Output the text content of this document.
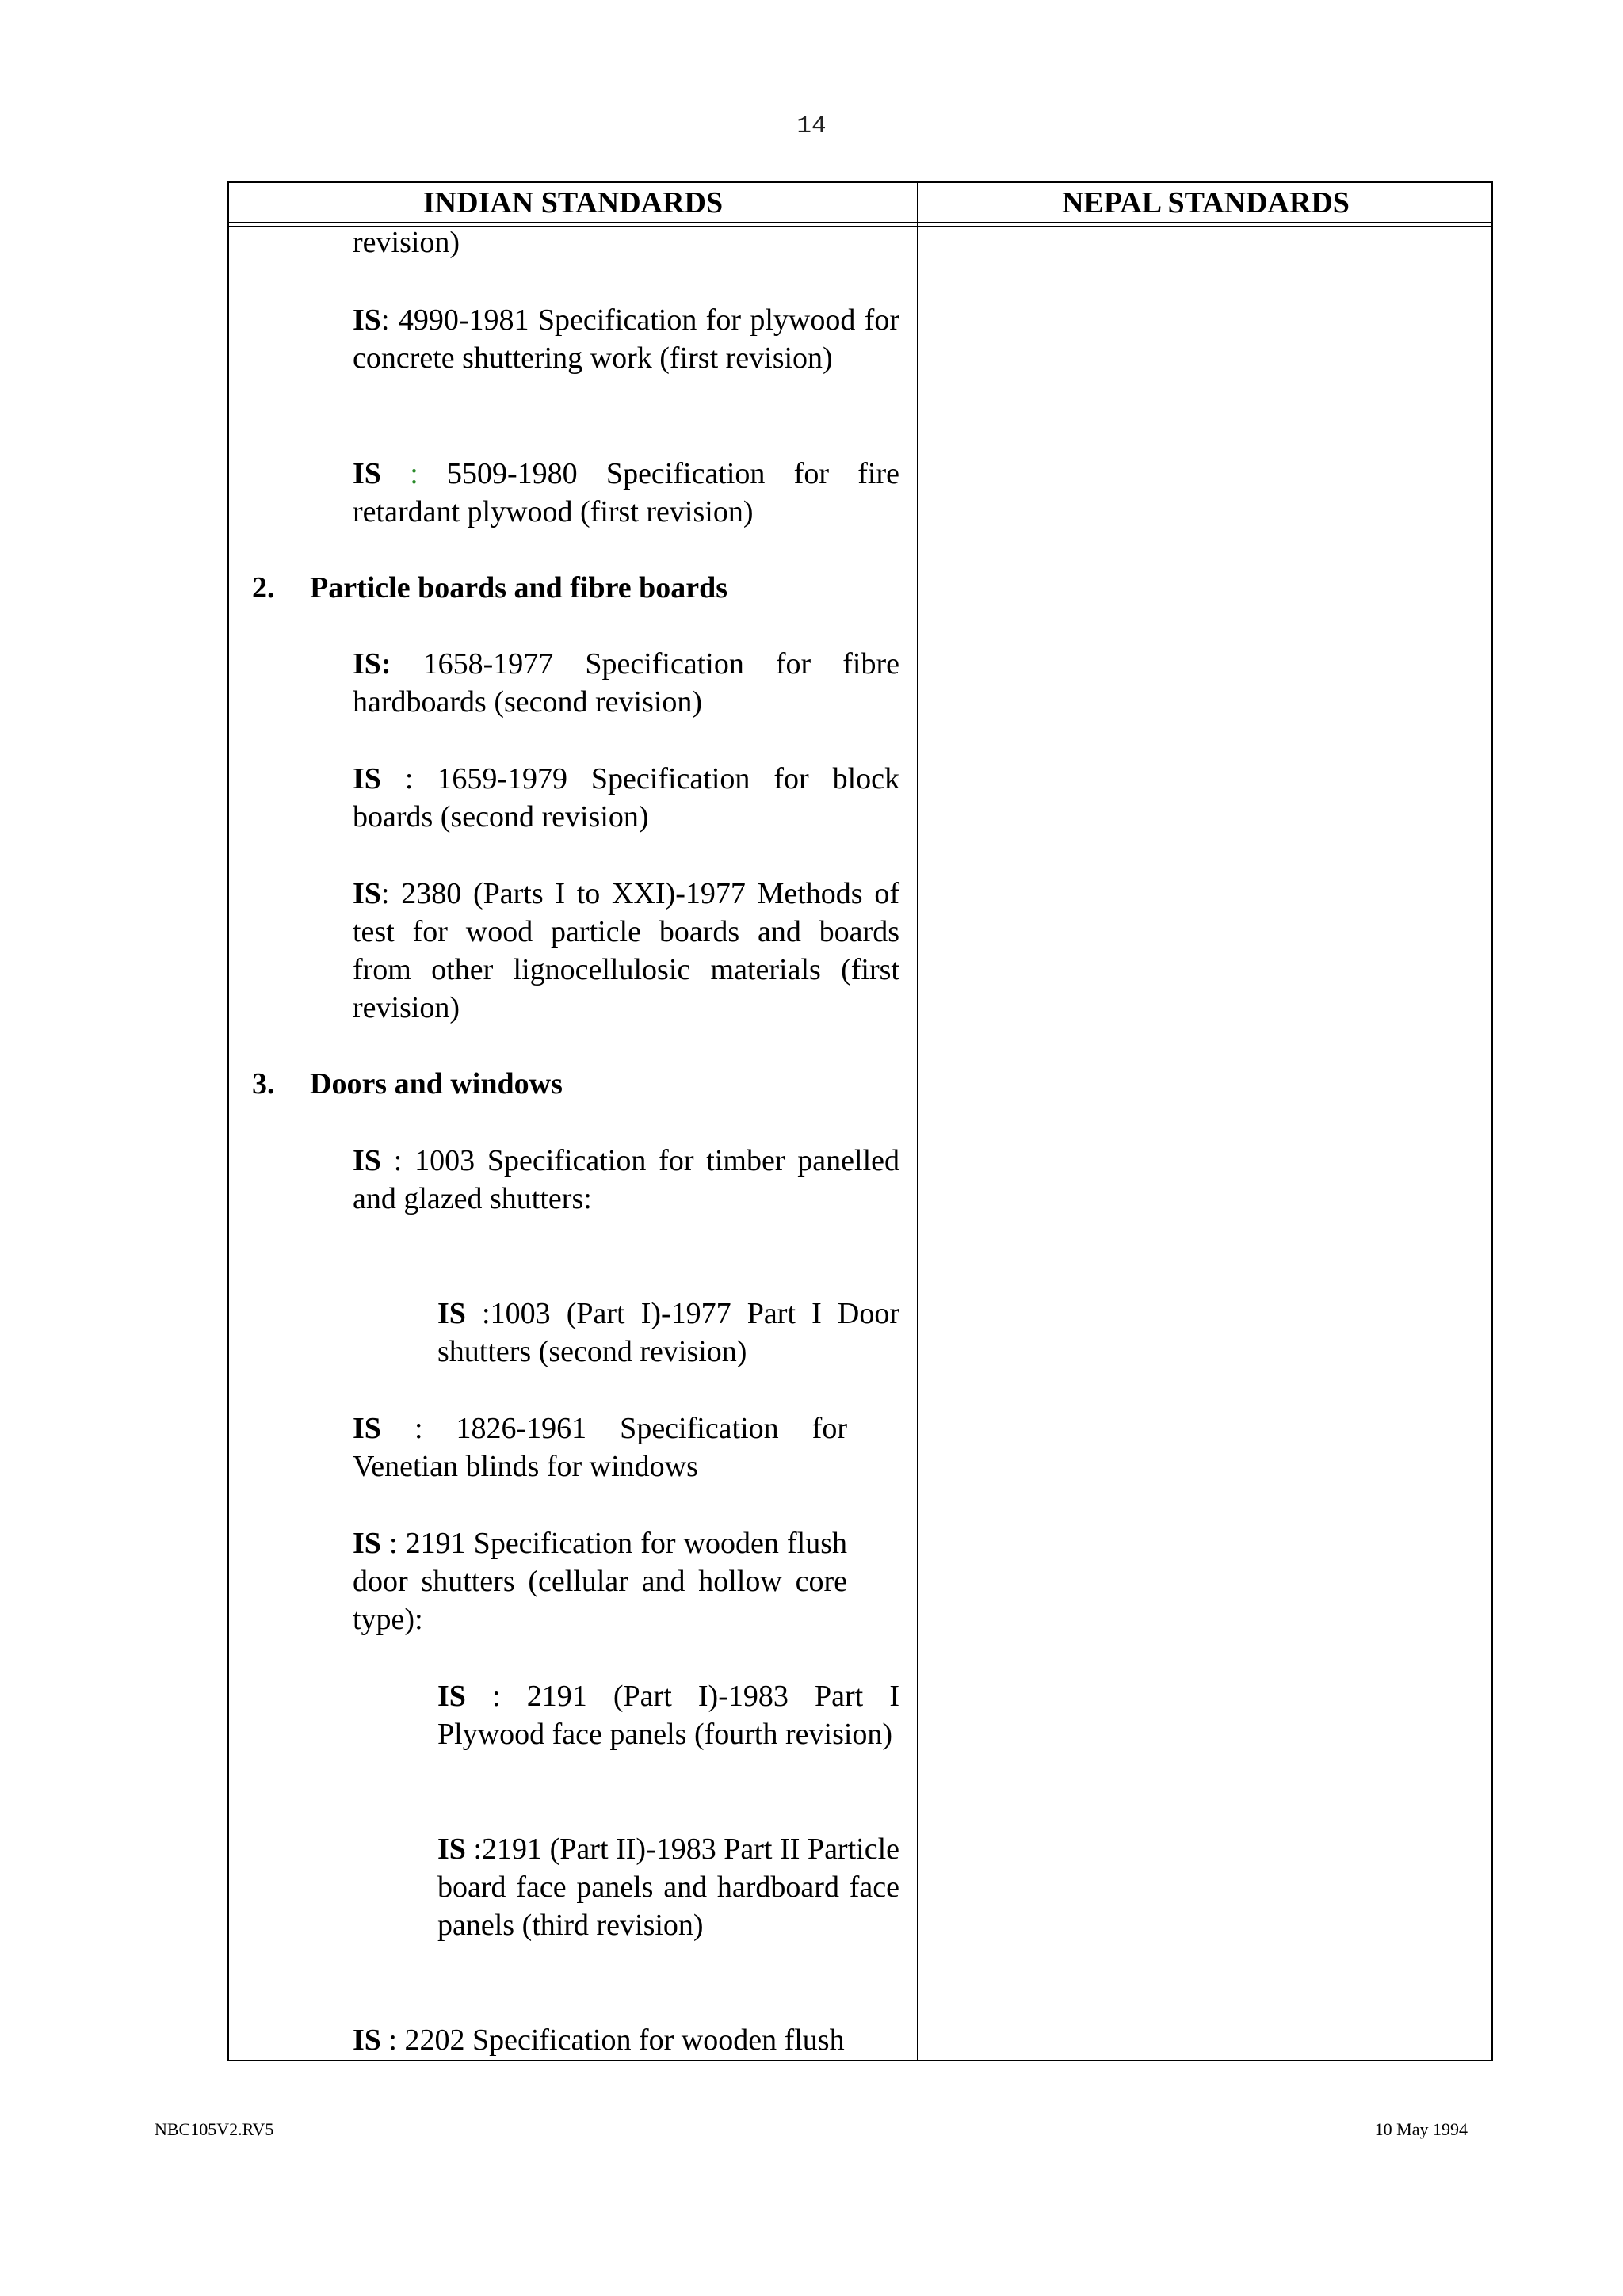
14
INDIAN STANDARDS	NEPAL STANDARDS
revision)
IS: 4990-1981 Specification for plywood for concrete shuttering work (first revision)
IS : 5509-1980 Specification for fire retardant plywood (first revision)
2. Particle boards and fibre boards
IS: 1658-1977 Specification for fibre hardboards (second revision)
IS : 1659-1979 Specification for block boards (second revision)
IS: 2380 (Parts I to XXI)-1977 Methods of test for wood particle boards and boards from other lignocellulosic materials (first revision)
3. Doors and windows
IS : 1003 Specification for timber panelled and glazed shutters:
IS :1003 (Part I)-1977 Part I Door shutters (second revision)
IS : 1826-1961 Specification for Venetian blinds for windows
IS : 2191 Specification for wooden flush door shutters (cellular and hollow core type):
IS : 2191 (Part I)-1983 Part I Plywood face panels (fourth revision)
IS :2191 (Part II)-1983 Part II Particle board face panels and hardboard face panels (third revision)
IS : 2202 Specification for wooden flush
NBC105V2.RV5	10 May 1994
